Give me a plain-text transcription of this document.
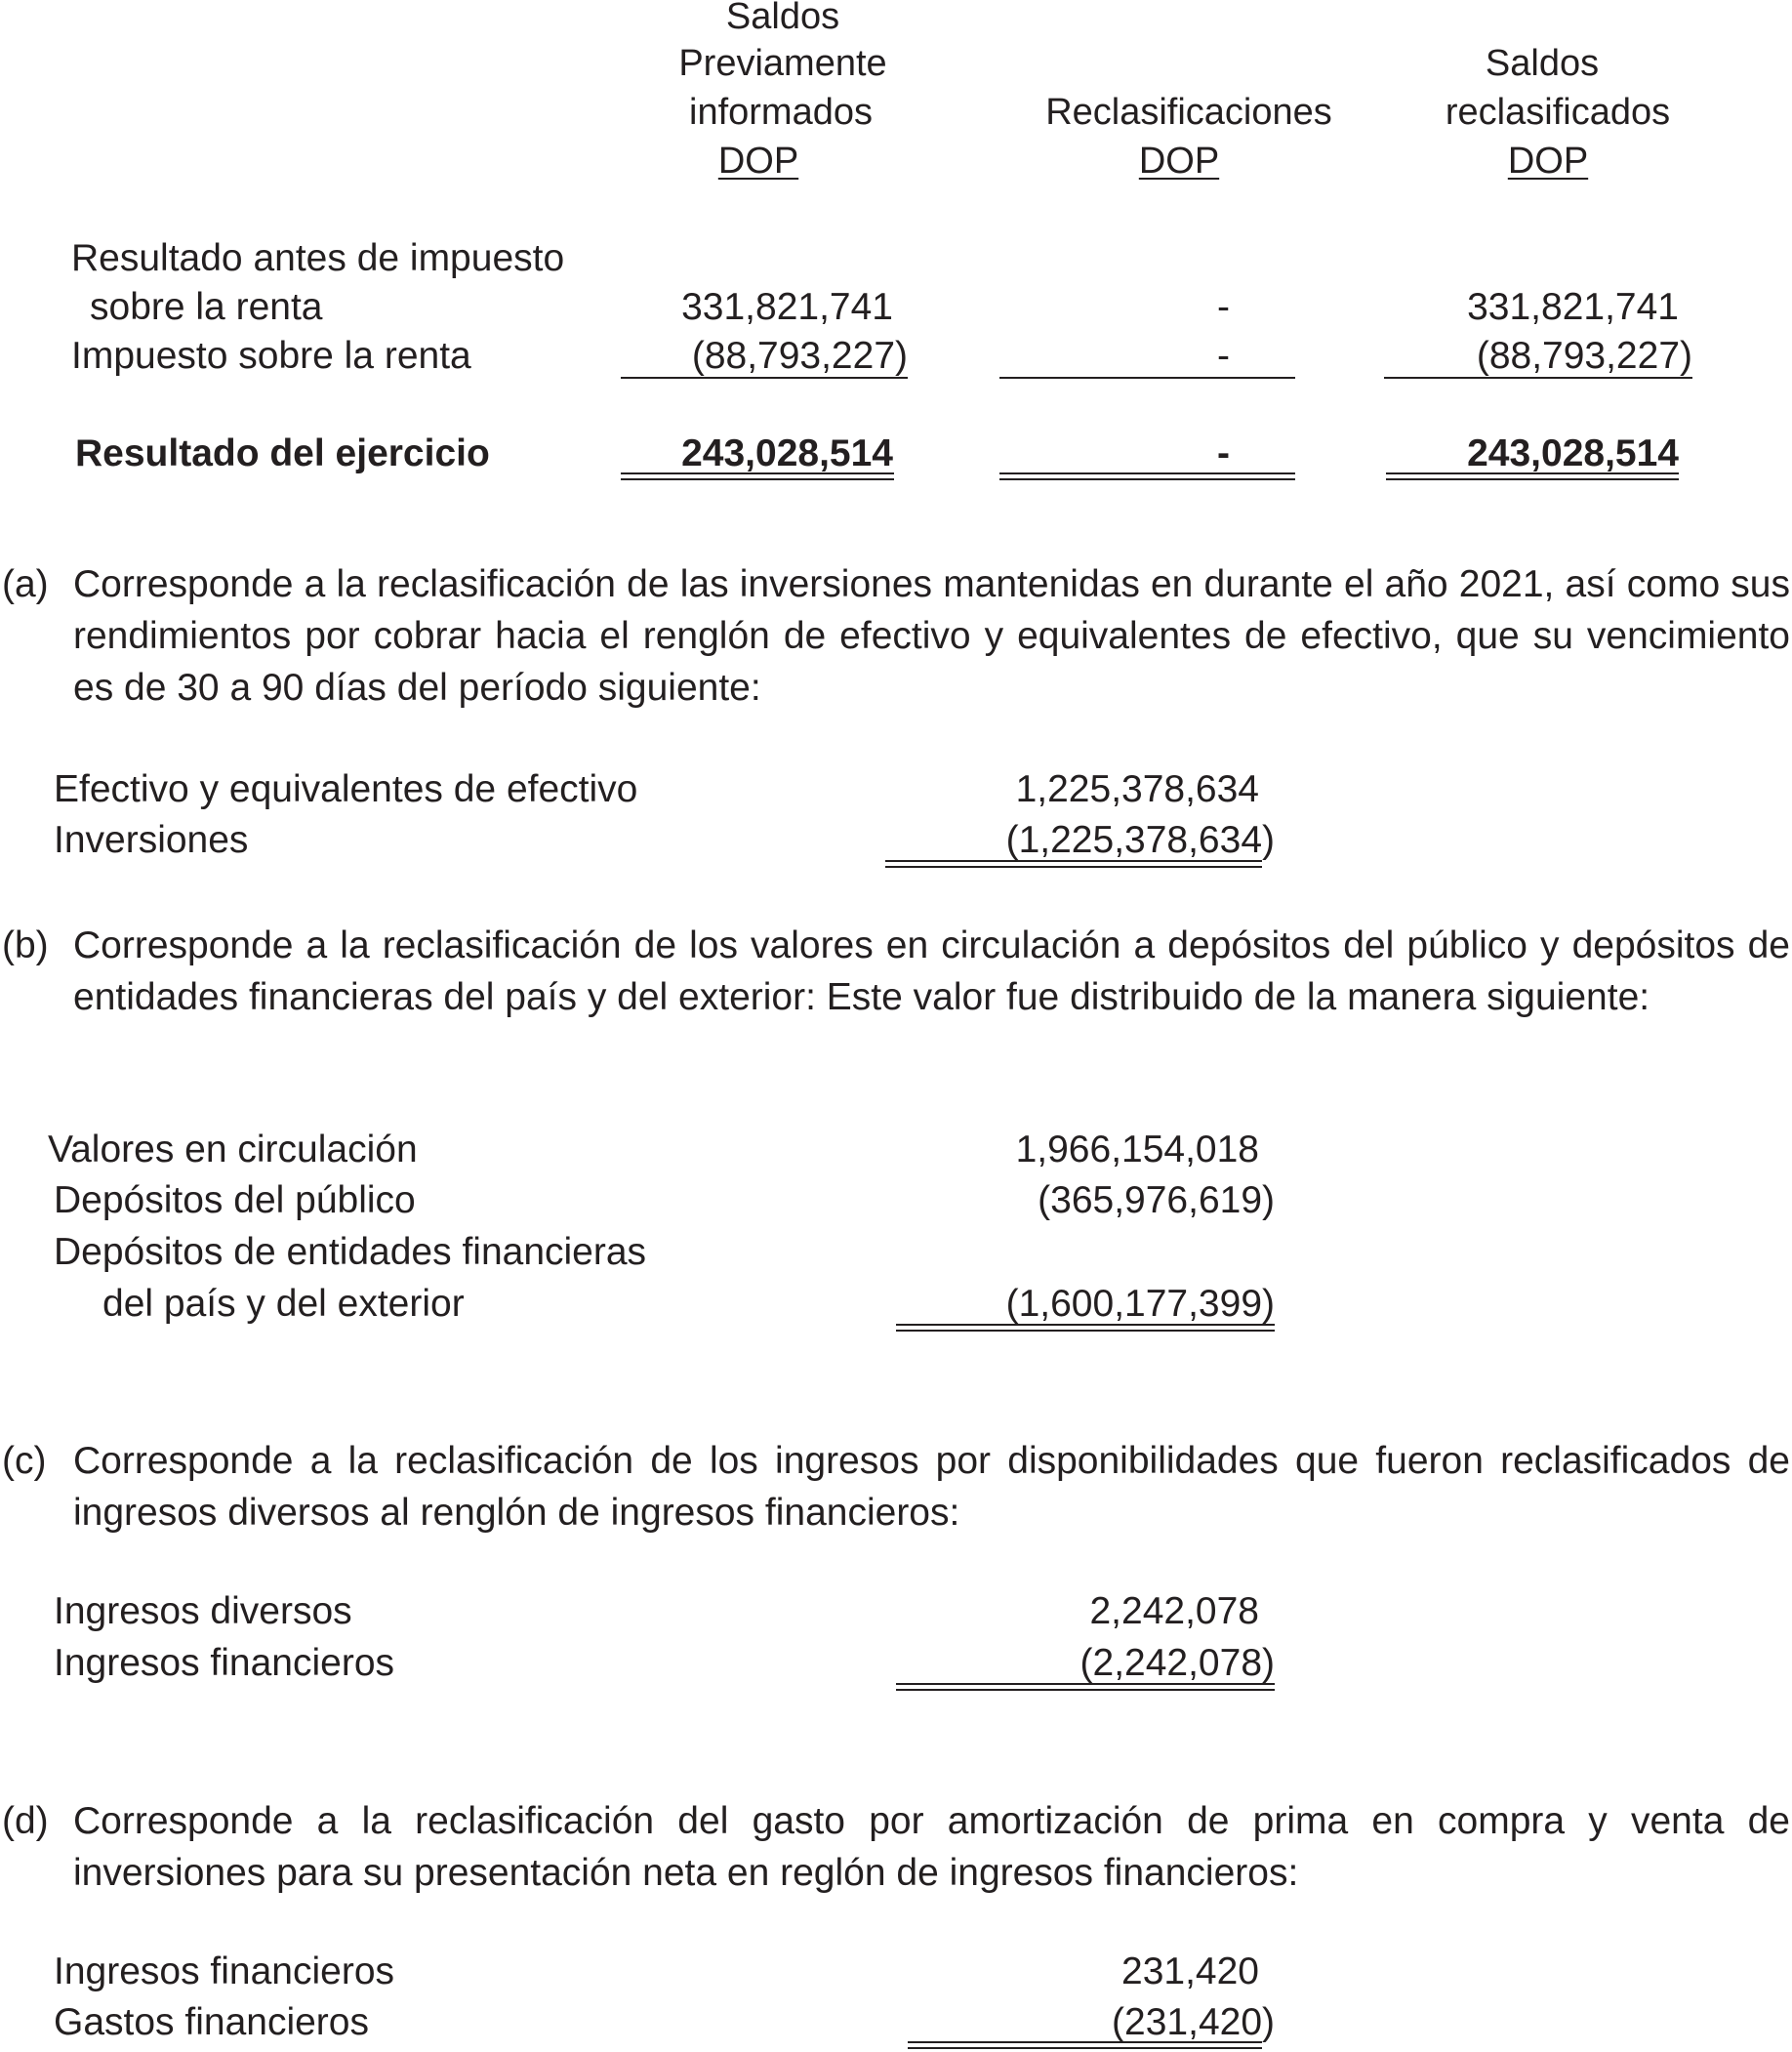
Saldos
Previamente
informados
DOP
Reclasificaciones
DOP
Saldos
reclasificados
DOP
Resultado antes de impuesto
sobre la renta	331,821,741	-	331,821,741
Impuesto sobre la renta	(88,793,227)	-	(88,793,227)
Resultado del ejercicio	243,028,514	-	243,028,514
(a) Corresponde a la reclasificación de las inversiones mantenidas en durante el año 2021, así como sus rendimientos por cobrar hacia el renglón de efectivo y equivalentes de efectivo, que su vencimiento es de 30 a 90 días del período siguiente:
Efectivo y equivalentes de efectivo	1,225,378,634
Inversiones	(1,225,378,634)
(b) Corresponde a la reclasificación de los valores en circulación a depósitos del público y depósitos de entidades financieras del país y del exterior: Este valor fue distribuido de la manera siguiente:
Valores en circulación	1,966,154,018
Depósitos del público	(365,976,619)
Depósitos de entidades financieras
del país y del exterior	(1,600,177,399)
(c) Corresponde a la reclasificación de los ingresos por disponibilidades que fueron reclasificados de ingresos diversos al renglón de ingresos financieros:
Ingresos diversos	2,242,078
Ingresos financieros	(2,242,078)
(d) Corresponde a la reclasificación del gasto por amortización de prima en compra y venta de inversiones para su presentación neta en reglón de ingresos financieros:
Ingresos financieros	231,420
Gastos financieros	(231,420)
